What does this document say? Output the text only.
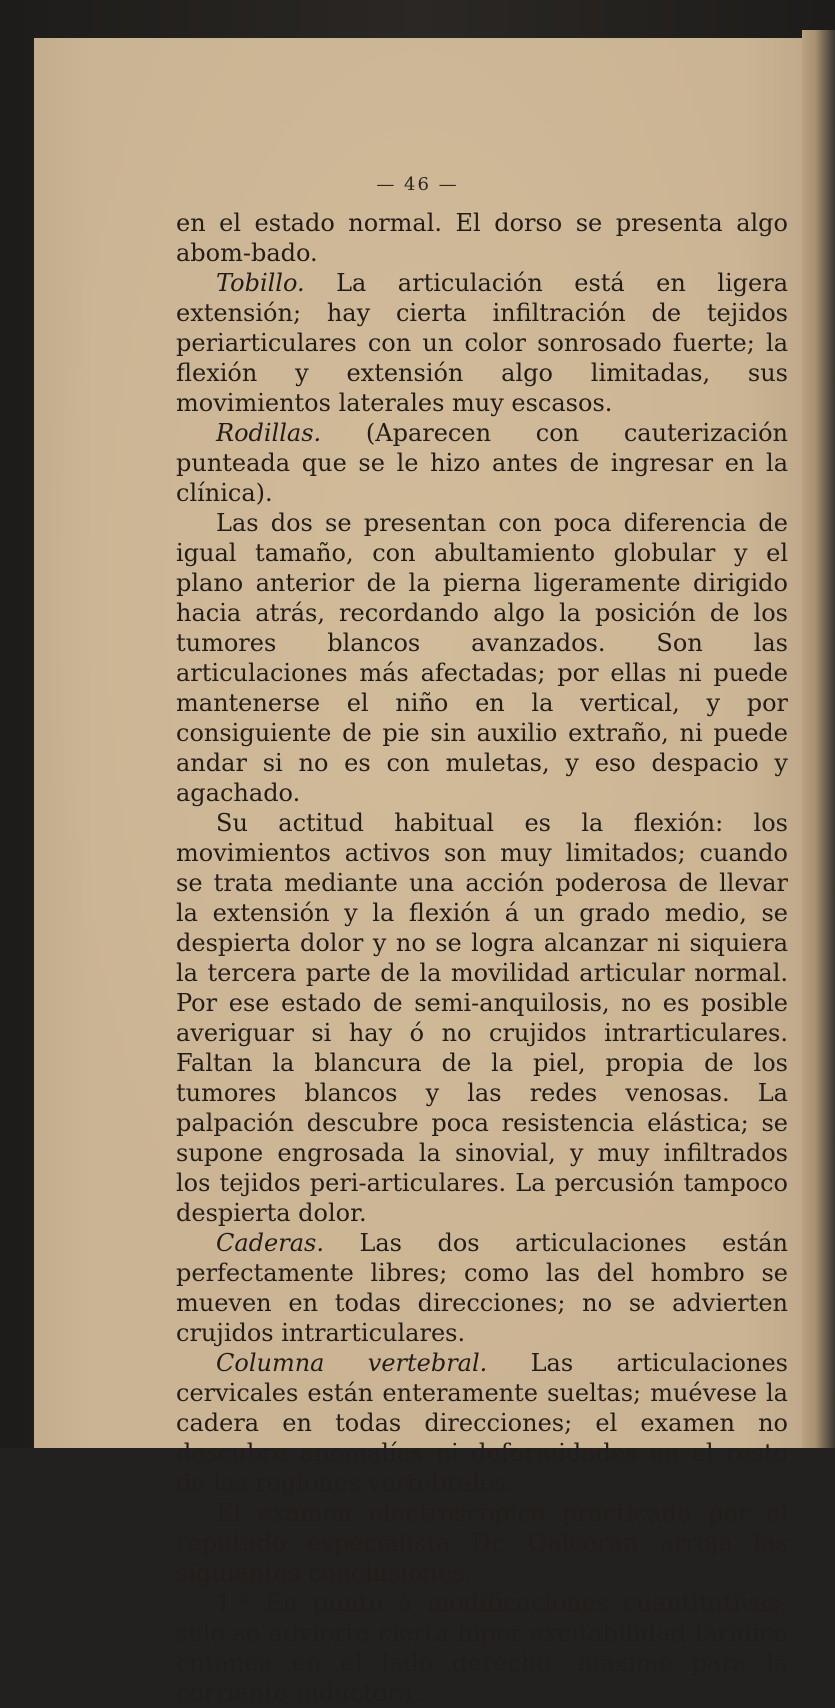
— 46 —

en el estado normal. El dorso se presenta algo abom-bado.

Tobillo. La articulación está en ligera extensión; hay cierta infiltración de tejidos periarticulares con un color sonrosado fuerte; la flexión y extensión algo limitadas, sus movimientos laterales muy escasos.

Rodillas. (Aparecen con cauterización punteada que se le hizo antes de ingresar en la clínica).

Las dos se presentan con poca diferencia de igual tamaño, con abultamiento globular y el plano anterior de la pierna ligeramente dirigido hacia atrás, recordando algo la posición de los tumores blancos avanzados. Son las articulaciones más afectadas; por ellas ni puede mantenerse el niño en la vertical, y por consiguiente de pie sin auxilio extraño, ni puede andar si no es con muletas, y eso despacio y agachado.

Su actitud habitual es la flexión: los movimientos activos son muy limitados; cuando se trata mediante una acción poderosa de llevar la extensión y la flexión á un grado medio, se despierta dolor y no se logra alcanzar ni siquiera la tercera parte de la movilidad articular normal. Por ese estado de semi-anquilosis, no es posible averiguar si hay ó no crujidos intrarticulares. Faltan la blancura de la piel, propia de los tumores blancos y las redes venosas. La palpación descubre poca resistencia elástica; se supone engrosada la sinovial, y muy infiltrados los tejidos peri-articulares. La percusión tampoco despierta dolor.

Caderas. Las dos articulaciones están perfectamente libres; como las del hombro se mueven en todas direcciones; no se advierten crujidos intrarticulares.

Columna vertebral. Las articulaciones cervicales están enteramente sueltas; muévese la cadera en todas direcciones; el examen no descubre anomalías ni deformidades en el resto de las regiones vertebrales.

El examen electroscópico practicado por el reputado especialista Dr. Galcerán arroja las siguientes conclusiones.

1.ª En punto á modificaciones cuantitativas, solo se advierte cierta hiper-excitabilidad farídico cutánea en el lado derecho, máxime para la corriente inductora.
